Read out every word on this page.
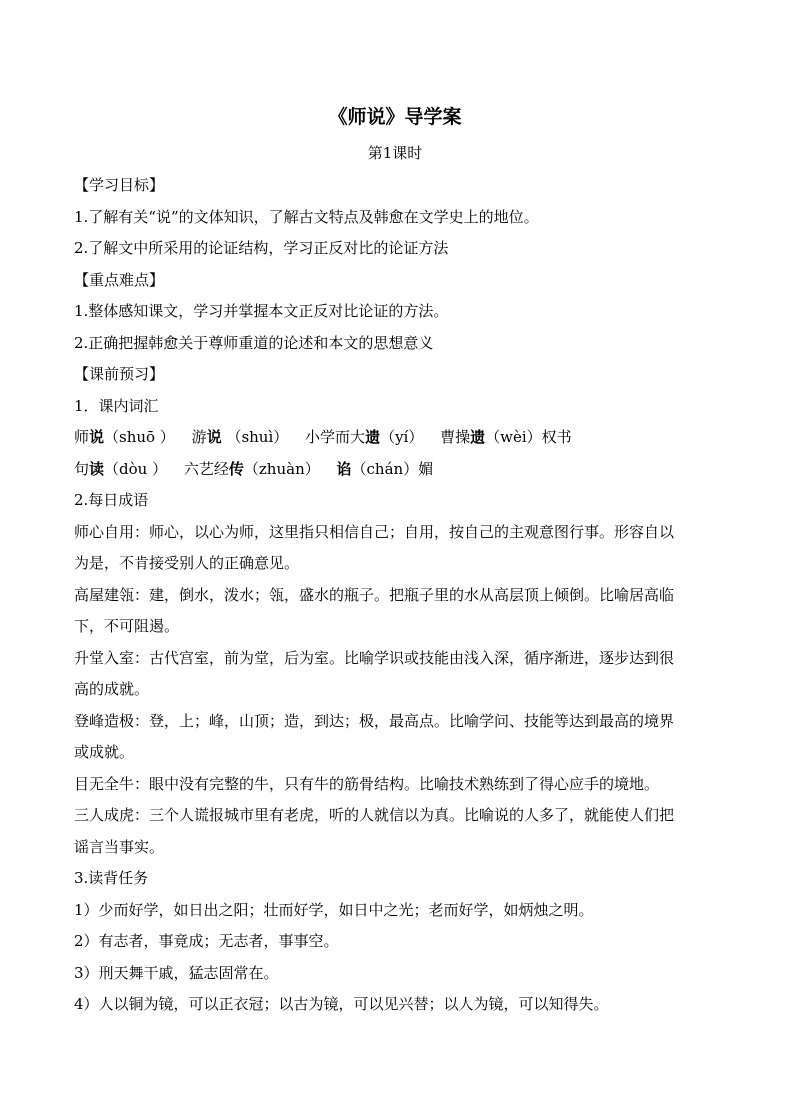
《师说》导学案
第1课时
【学习目标】
1.了解有关“说”的文体知识，了解古文特点及韩愈在文学史上的地位。
2.了解文中所采用的论证结构，学习正反对比的论证方法
【重点难点】
1.整体感知课文，学习并掌握本文正反对比论证的方法。
2.正确把握韩愈关于尊师重道的论述和本文的思想意义
【课前预习】
1．课内词汇
师说（shuō ） 游说 （shuì） 小学而大遗（yí） 曹操遗（wèi）权书
句读（dòu ） 六艺经传（zhuàn） 谄（chán）媚
2.每日成语
师心自用：师心，以心为师，这里指只相信自己；自用，按自己的主观意图行事。形容自以
为是，不肯接受别人的正确意见。
高屋建瓴：建，倒水，泼水；瓴，盛水的瓶子。把瓶子里的水从高层顶上倾倒。比喻居高临
下，不可阻遏。
升堂入室：古代宫室，前为堂，后为室。比喻学识或技能由浅入深，循序渐进，逐步达到很
高的成就。
登峰造极：登，上；峰，山顶；造，到达；极，最高点。比喻学问、技能等达到最高的境界
或成就。
目无全牛：眼中没有完整的牛，只有牛的筋骨结构。比喻技术熟练到了得心应手的境地。
三人成虎：三个人谎报城市里有老虎，听的人就信以为真。比喻说的人多了，就能使人们把
谣言当事实。
3.读背任务
1）少而好学，如日出之阳；壮而好学，如日中之光；老而好学，如炳烛之明。
2）有志者，事竟成；无志者，事事空。
3）刑天舞干戚，猛志固常在。
4）人以铜为镜，可以正衣冠；以古为镜，可以见兴替；以人为镜，可以知得失。
